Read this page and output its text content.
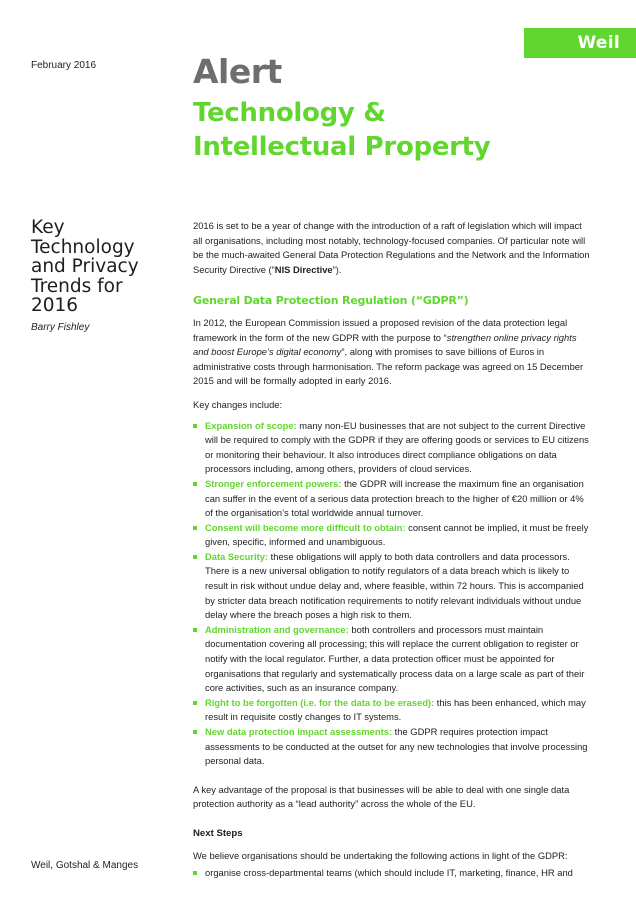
Weil
February 2016	Alert
Technology &
Intellectual Property
Key
Technology
and Privacy
Trends for
2016
Barry Fishley

2016 is set to be a year of change with the introduction of a raft of legislation which will impact all organisations, including most notably, technology-focused companies. Of particular note will be the much-awaited General Data Protection Regulations and the Network and the Information Security Directive (“NIS Directive”).

General Data Protection Regulation (“GDPR”)

In 2012, the European Commission issued a proposed revision of the data protection legal framework in the form of the new GDPR with the purpose to “strengthen online privacy rights and boost Europe’s digital economy”, along with promises to save billions of Euros in administrative costs through harmonisation. The reform package was agreed on 15 December 2015 and will be formally adopted in early 2016.

Key changes include:

Expansion of scope: many non-EU businesses that are not subject to the current Directive will be required to comply with the GDPR if they are offering goods or services to EU citizens or monitoring their behaviour. It also introduces direct compliance obligations on data processors including, among others, providers of cloud services.
Stronger enforcement powers: the GDPR will increase the maximum fine an organisation can suffer in the event of a serious data protection breach to the higher of €20 million or 4% of the organisation’s total worldwide annual turnover.
Consent will become more difficult to obtain: consent cannot be implied, it must be freely given, specific, informed and unambiguous.
Data Security: these obligations will apply to both data controllers and data processors. There is a new universal obligation to notify regulators of a data breach which is likely to result in risk without undue delay and, where feasible, within 72 hours. This is accompanied by stricter data breach notification requirements to notify relevant individuals without undue delay where the breach poses a high risk to them.
Administration and governance: both controllers and processors must maintain documentation covering all processing; this will replace the current obligation to register or notify with the local regulator. Further, a data protection officer must be appointed for organisations that regularly and systematically process data on a large scale as part of their core activities, such as an insurance company.
Right to be forgotten (i.e. for the data to be erased): this has been enhanced, which may result in requisite costly changes to IT systems.
New data protection impact assessments: the GDPR requires protection impact assessments to be conducted at the outset for any new technologies that involve processing personal data.

A key advantage of the proposal is that businesses will be able to deal with one single data protection authority as a “lead authority” across the whole of the EU.

Next Steps

We believe organisations should be undertaking the following actions in light of the GDPR:

organise cross-departmental teams (which should include IT, marketing, finance, HR and
Weil, Gotshal & Manges
